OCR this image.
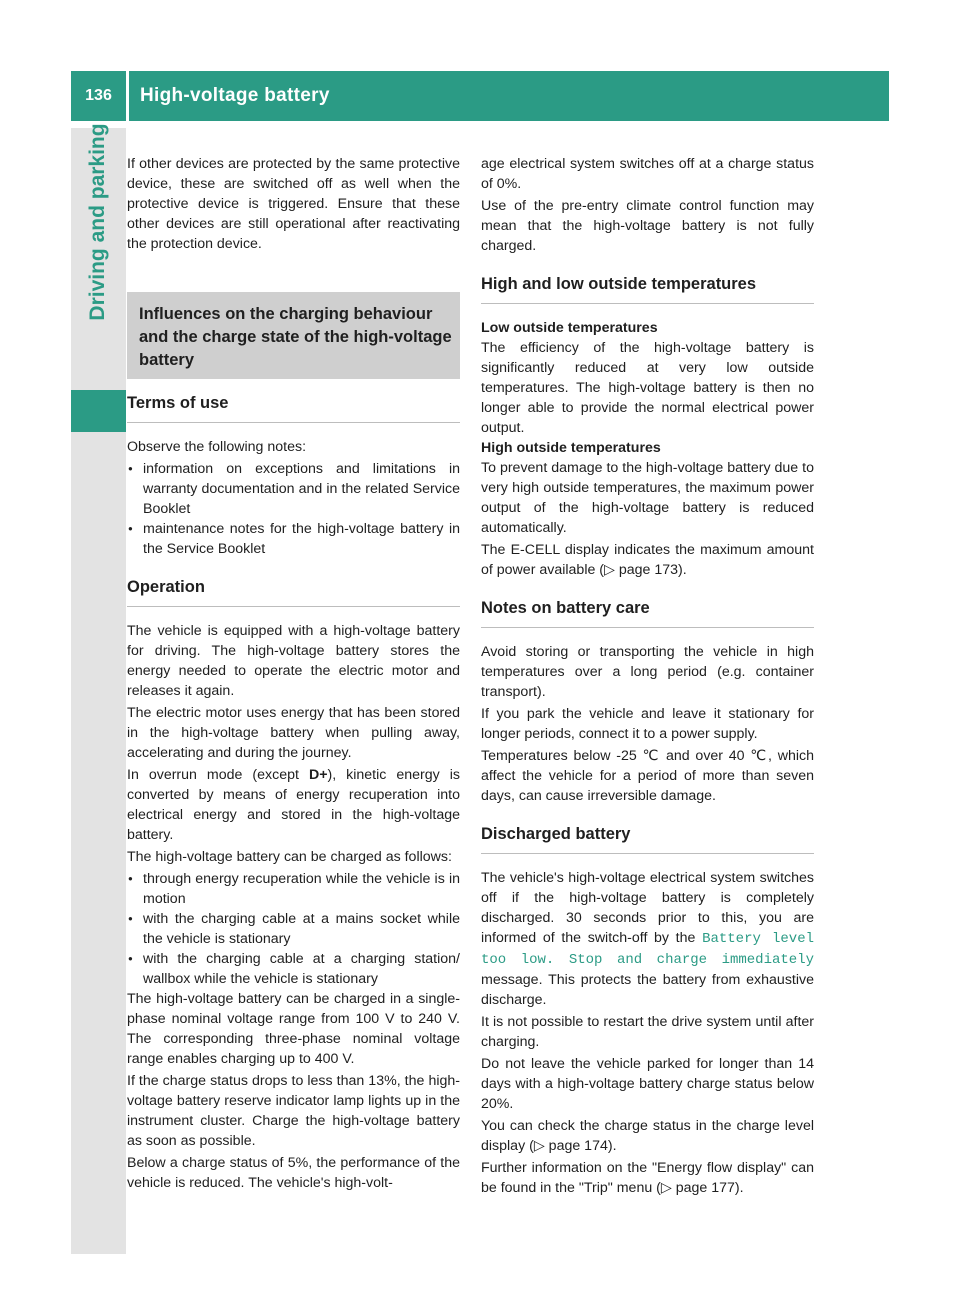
136	High-voltage battery
Driving and parking If other devices are protected by the same protective device, these are switched off as well when the protective device is triggered. Ensure that these other devices are still operational after reactivating the protection device.

Influences on the charging behaviour and the charge state of the high-voltage battery
Terms of use

Observe the following notes:

● information on exceptions and limitations in warranty documentation and in the related Service Booklet
● maintenance notes for the high-voltage battery in the Service Booklet
Operation

The vehicle is equipped with a high-voltage battery for driving. The high-voltage battery stores the energy needed to operate the electric motor and releases it again.

The electric motor uses energy that has been stored in the high-voltage battery when pulling away, accelerating and during the journey.

In overrun mode (except D+), kinetic energy is converted by means of energy recuperation into electrical energy and stored in the high-voltage battery.

The high-voltage battery can be charged as follows:

● through energy recuperation while the vehicle is in motion
● with the charging cable at a mains socket while the vehicle is stationary
● with the charging cable at a charging station/ wallbox while the vehicle is stationary

The high-voltage battery can be charged in a single-phase nominal voltage range from 100 V to 240 V. The corresponding three-phase nominal voltage range enables charging up to 400 V.

If the charge status drops to less than 13%, the high-voltage battery reserve indicator lamp lights up in the instrument cluster. Charge the high-voltage battery as soon as possible.

Below a charge status of 5%, the performance of the vehicle is reduced. The vehicle's high-volt-

age electrical system switches off at a charge status of 0%.

Use of the pre-entry climate control function may mean that the high-voltage battery is not fully charged.

High and low outside temperatures

Low outside temperatures

The efficiency of the high-voltage battery is significantly reduced at very low outside temperatures. The high-voltage battery is then no longer able to provide the normal electrical power output.

High outside temperatures

To prevent damage to the high-voltage battery due to very high outside temperatures, the maximum power output of the high-voltage battery is reduced automatically.

The E-CELL display indicates the maximum amount of power available (▷ page 173).

Notes on battery care

Avoid storing or transporting the vehicle in high temperatures over a long period (e.g. container transport).

If you park the vehicle and leave it stationary for longer periods, connect it to a power supply.

Temperatures below -25 ℃ and over 40 ℃, which affect the vehicle for a period of more than seven days, can cause irreversible damage.

Discharged battery

The vehicle's high-voltage electrical system switches off if the high-voltage battery is completely discharged. 30 seconds prior to this, you are informed of the switch-off by the Battery level too low. Stop and charge immediately message. This protects the battery from exhaustive discharge.

It is not possible to restart the drive system until after charging.

Do not leave the vehicle parked for longer than 14 days with a high-voltage battery charge status below 20%.

You can check the charge status in the charge level display (▷ page 174).

Further information on the "Energy flow display" can be found in the "Trip" menu (▷ page 177).
